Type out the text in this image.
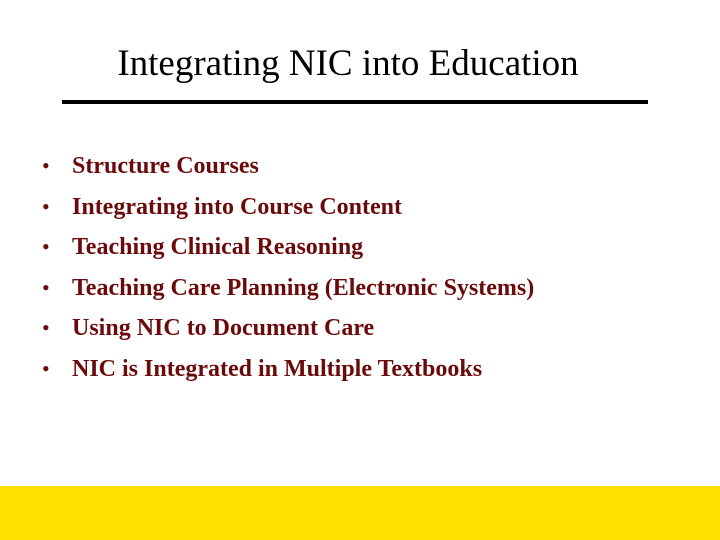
Integrating NIC into Education
• Structure Courses
• Integrating into Course Content
• Teaching Clinical Reasoning
• Teaching Care Planning (Electronic Systems)
• Using NIC to Document Care
• NIC is Integrated in Multiple Textbooks
